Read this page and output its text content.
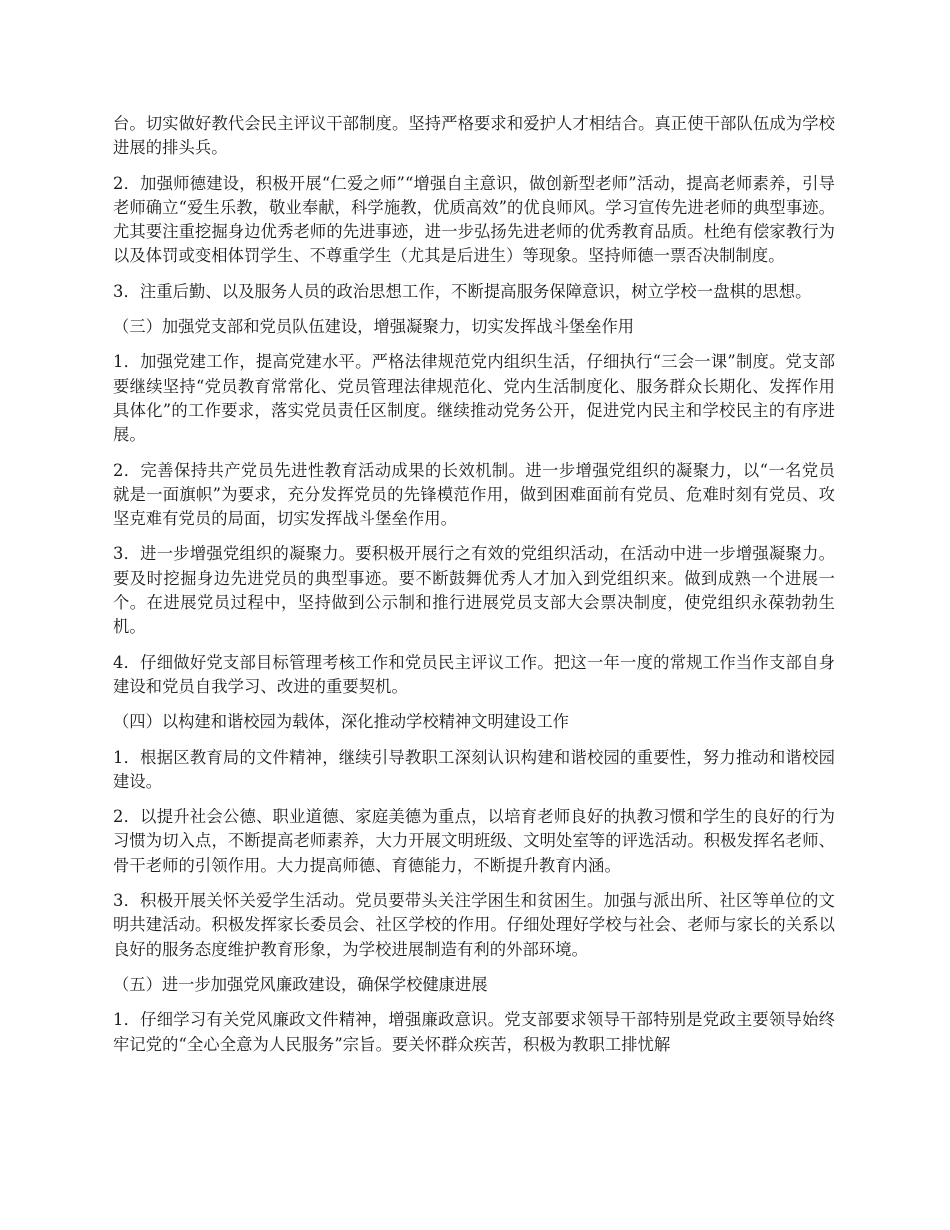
台。切实做好教代会民主评议干部制度。坚持严格要求和爱护人才相结合。真正使干部队伍成为学校进展的排头兵。

2．加强师德建设，积极开展“仁爱之师”“增强自主意识，做创新型老师”活动，提高老师素养，引导老师确立“爱生乐教，敬业奉献，科学施教，优质高效”的优良师风。学习宣传先进老师的典型事迹。尤其要注重挖掘身边优秀老师的先进事迹，进一步弘扬先进老师的优秀教育品质。杜绝有偿家教行为以及体罚或变相体罚学生、不尊重学生（尤其是后进生）等现象。坚持师德一票否决制制度。

3．注重后勤、以及服务人员的政治思想工作，不断提高服务保障意识，树立学校一盘棋的思想。

（三）加强党支部和党员队伍建设，增强凝聚力，切实发挥战斗堡垒作用

1．加强党建工作，提高党建水平。严格法律规范党内组织生活，仔细执行“三会一课”制度。党支部要继续坚持“党员教育常常化、党员管理法律规范化、党内生活制度化、服务群众长期化、发挥作用具体化”的工作要求，落实党员责任区制度。继续推动党务公开，促进党内民主和学校民主的有序进展。

2．完善保持共产党员先进性教育活动成果的长效机制。进一步增强党组织的凝聚力，以“一名党员就是一面旗帜”为要求，充分发挥党员的先锋模范作用，做到困难面前有党员、危难时刻有党员、攻坚克难有党员的局面，切实发挥战斗堡垒作用。

3．进一步增强党组织的凝聚力。要积极开展行之有效的党组织活动，在活动中进一步增强凝聚力。要及时挖掘身边先进党员的典型事迹。要不断鼓舞优秀人才加入到党组织来。做到成熟一个进展一个。在进展党员过程中，坚持做到公示制和推行进展党员支部大会票决制度，使党组织永葆勃勃生机。

4．仔细做好党支部目标管理考核工作和党员民主评议工作。把这一年一度的常规工作当作支部自身建设和党员自我学习、改进的重要契机。

（四）以构建和谐校园为载体，深化推动学校精神文明建设工作

1．根据区教育局的文件精神，继续引导教职工深刻认识构建和谐校园的重要性，努力推动和谐校园建设。

2．以提升社会公德、职业道德、家庭美德为重点，以培育老师良好的执教习惯和学生的良好的行为习惯为切入点，不断提高老师素养，大力开展文明班级、文明处室等的评选活动。积极发挥名老师、骨干老师的引领作用。大力提高师德、育德能力，不断提升教育内涵。

3．积极开展关怀关爱学生活动。党员要带头关注学困生和贫困生。加强与派出所、社区等单位的文明共建活动。积极发挥家长委员会、社区学校的作用。仔细处理好学校与社会、老师与家长的关系以良好的服务态度维护教育形象，为学校进展制造有利的外部环境。

（五）进一步加强党风廉政建设，确保学校健康进展

1．仔细学习有关党风廉政文件精神，增强廉政意识。党支部要求领导干部特别是党政主要领导始终牢记党的“全心全意为人民服务”宗旨。要关怀群众疾苦，积极为教职工排忧解
